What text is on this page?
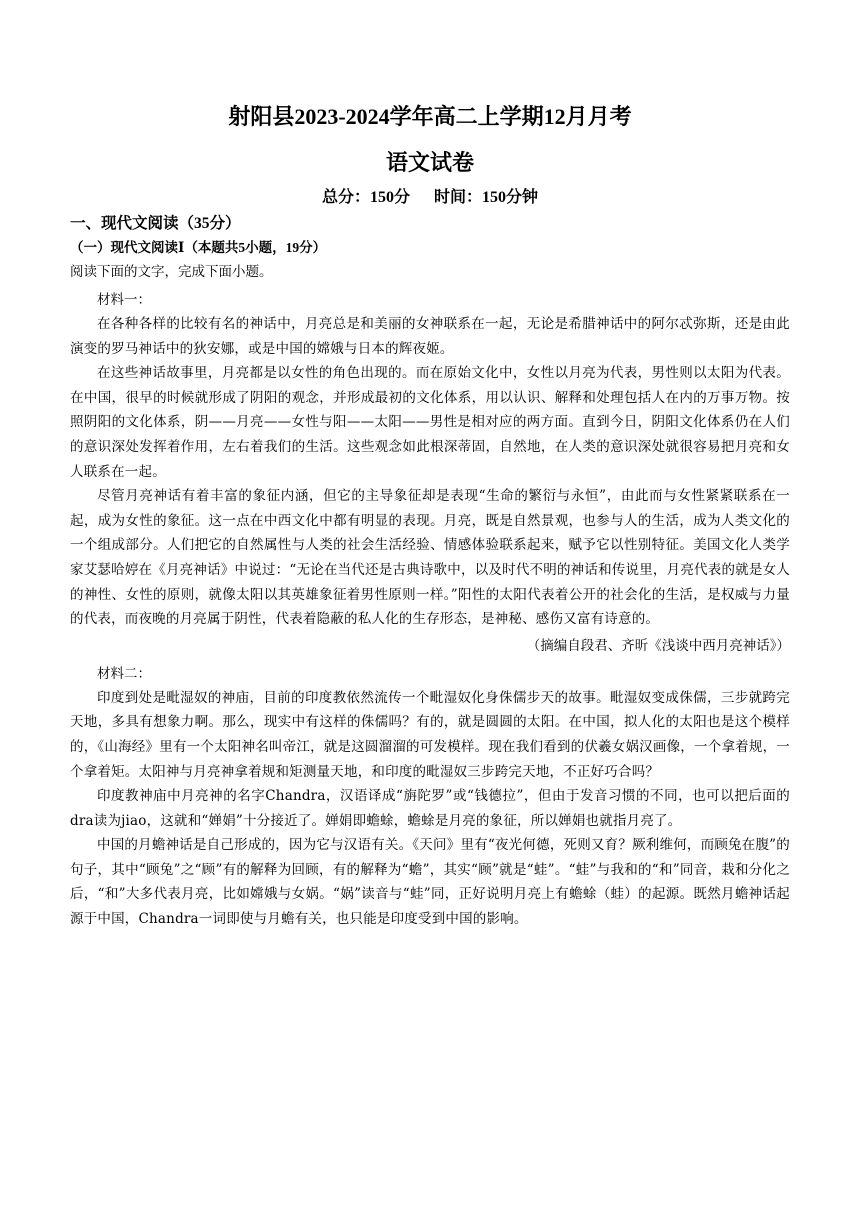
射阳县2023-2024学年高二上学期12月月考
语文试卷
总分：150分      时间：150分钟
一、现代文阅读（35分）
（一）现代文阅读Ⅰ（本题共5小题，19分）
阅读下面的文字，完成下面小题。
材料一：

在各种各样的比较有名的神话中，月亮总是和美丽的女神联系在一起，无论是希腊神话中的阿尔忒弥斯，还是由此演变的罗马神话中的狄安娜，或是中国的嫦娥与日本的辉夜姬。

在这些神话故事里，月亮都是以女性的角色出现的。而在原始文化中，女性以月亮为代表，男性则以太阳为代表。在中国，很早的时候就形成了阴阳的观念，并形成最初的文化体系，用以认识、解释和处理包括人在内的万事万物。按照阴阳的文化体系，阴——月亮——女性与阳——太阳——男性是相对应的两方面。直到今日，阴阳文化体系仍在人们的意识深处发挥着作用，左右着我们的生活。这些观念如此根深蒂固，自然地，在人类的意识深处就很容易把月亮和女人联系在一起。

尽管月亮神话有着丰富的象征内涵，但它的主导象征却是表现“生命的繁衍与永恒”，由此而与女性紧紧联系在一起，成为女性的象征。这一点在中西文化中都有明显的表现。月亮，既是自然景观，也参与人的生活，成为人类文化的一个组成部分。人们把它的自然属性与人类的社会生活经验、情感体验联系起来，赋予它以性别特征。美国文化人类学家艾瑟哈婷在《月亮神话》中说过：“无论在当代还是古典诗歌中，以及时代不明的神话和传说里，月亮代表的就是女人的神性、女性的原则，就像太阳以其英雄象征着男性原则一样。”阳性的太阳代表着公开的社会化的生活，是权威与力量的代表，而夜晚的月亮属于阴性，代表着隐蔽的私人化的生存形态，是神秘、感伤又富有诗意的。

（摘编自段君、齐昕《浅谈中西月亮神话》）

材料二：

印度到处是毗湿奴的神庙，目前的印度教依然流传一个毗湿奴化身侏儒步天的故事。毗湿奴变成侏儒，三步就跨完天地，多具有想象力啊。那么，现实中有这样的侏儒吗？有的，就是圆圆的太阳。在中国，拟人化的太阳也是这个模样的，《山海经》里有一个太阳神名叫帝江，就是这圆溜溜的可发模样。现在我们看到的伏羲女娲汉画像，一个拿着规，一个拿着矩。太阳神与月亮神拿着规和矩测量天地，和印度的毗湿奴三步跨完天地，不正好巧合吗？

印度教神庙中月亮神的名字Chandra，汉语译成“旃陀罗”或“钱德拉”，但由于发音习惯的不同，也可以把后面的dra读为jiao，这就和“婵娟”十分接近了。婵娟即蟾蜍，蟾蜍是月亮的象征，所以婵娟也就指月亮了。

中国的月蟾神话是自己形成的，因为它与汉语有关。《天问》里有“夜光何德，死则又育？厥利维何，而顾兔在腹”的句子，其中“顾兔”之“顾”有的解释为回顾，有的解释为“蟾”，其实“顾”就是“蛙”。“蛙”与我和的“和”同音，栽和分化之后，“和”大多代表月亮，比如嫦娥与女娲。“娲”读音与“蛙”同，正好说明月亮上有蟾蜍（蛙）的起源。既然月蟾神话起源于中国，Chandra一词即使与月蟾有关，也只能是印度受到中国的影响。
